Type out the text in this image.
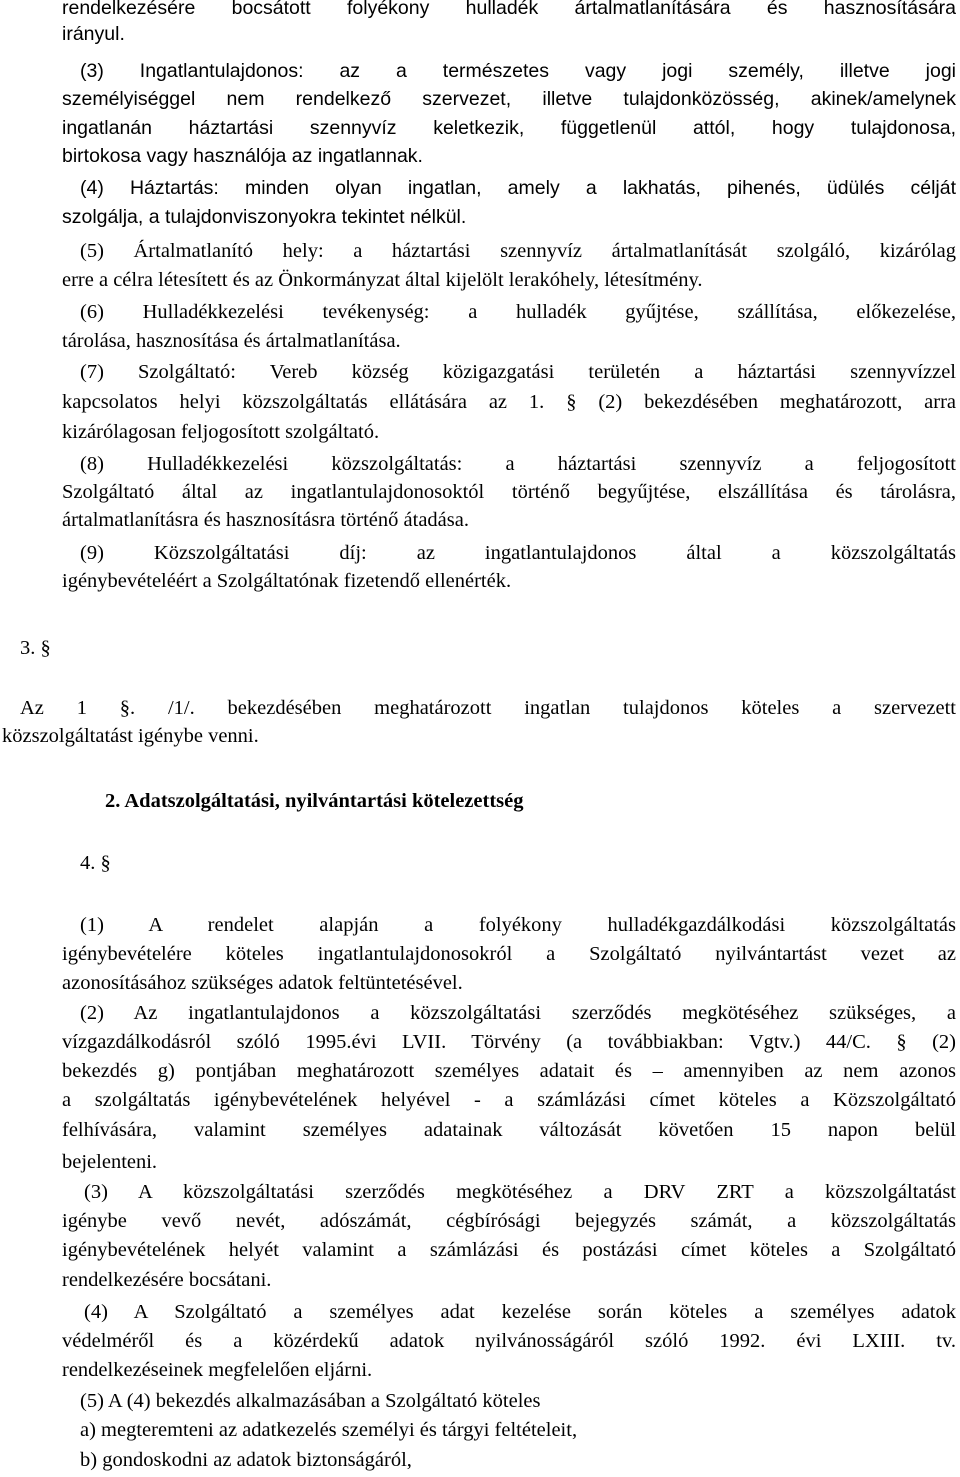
rendelkezésére bocsátott folyékony hulladék ártalmatlanítására és hasznosítására
irányul.
(3) Ingatlantulajdonos: az a természetes vagy jogi személy, illetve jogi
személyiséggel nem rendelkező szervezet, illetve tulajdonközösség, akinek/amelynek
ingatlanán háztartási szennyvíz keletkezik, függetlenül attól, hogy tulajdonosa,
birtokosa vagy használója az ingatlannak.
(4) Háztartás: minden olyan ingatlan, amely a lakhatás, pihenés, üdülés célját
szolgálja, a tulajdonviszonyokra tekintet nélkül.
(5) Ártalmatlanító hely: a háztartási szennyvíz ártalmatlanítását szolgáló, kizárólag
erre a célra létesített és az Önkormányzat által kijelölt lerakóhely, létesítmény.
(6) Hulladékkezelési tevékenység: a hulladék gyűjtése, szállítása, előkezelése,
tárolása, hasznosítása és ártalmatlanítása.
(7) Szolgáltató: Vereb község közigazgatási területén a háztartási szennyvízzel
kapcsolatos helyi közszolgáltatás ellátására az 1. § (2) bekezdésében meghatározott, arra
kizárólagosan feljogosított szolgáltató.
(8) Hulladékkezelési közszolgáltatás: a háztartási szennyvíz a feljogosított
Szolgáltató által az ingatlantulajdonosoktól történő begyűjtése, elszállítása és tárolásra,
ártalmatlanításra és hasznosításra történő átadása.
(9) Közszolgáltatási díj: az ingatlantulajdonos által a közszolgáltatás
igénybevételéért a Szolgáltatónak fizetendő ellenérték.
3. §
Az 1 §. /1/. bekezdésében meghatározott ingatlan tulajdonos köteles a szervezett
közszolgáltatást igénybe venni.
2. Adatszolgáltatási, nyilvántartási kötelezettség
4. §
(1) A rendelet alapján a folyékony hulladékgazdálkodási közszolgáltatás
igénybevételére köteles ingatlantulajdonosokról a Szolgáltató nyilvántartást vezet az
azonosításához szükséges adatok feltüntetésével.
(2) Az ingatlantulajdonos a közszolgáltatási szerződés megkötéséhez szükséges, a
vízgazdálkodásról szóló 1995.évi LVII. Törvény (a továbbiakban: Vgtv.) 44/C. § (2)
bekezdés g) pontjában meghatározott személyes adatait és – amennyiben az nem azonos
a szolgáltatás igénybevételének helyével - a számlázási címet köteles a Közszolgáltató
felhívására, valamint személyes adatainak változását követően 15 napon belül
bejelenteni.
(3) A közszolgáltatási szerződés megkötéséhez a DRV ZRT a közszolgáltatást
igénybe vevő nevét, adószámát, cégbírósági bejegyzés számát, a közszolgáltatás
igénybevételének helyét valamint a számlázási és postázási címet köteles a Szolgáltató
rendelkezésére bocsátani.
(4) A Szolgáltató a személyes adat kezelése során köteles a személyes adatok
védelméről és a közérdekű adatok nyilvánosságáról szóló 1992. évi LXIII. tv.
rendelkezéseinek megfelelően eljárni.
(5) A (4) bekezdés alkalmazásában a Szolgáltató köteles
a) megteremteni az adatkezelés személyi és tárgyi feltételeit,
b) gondoskodni az adatok biztonságáról,
